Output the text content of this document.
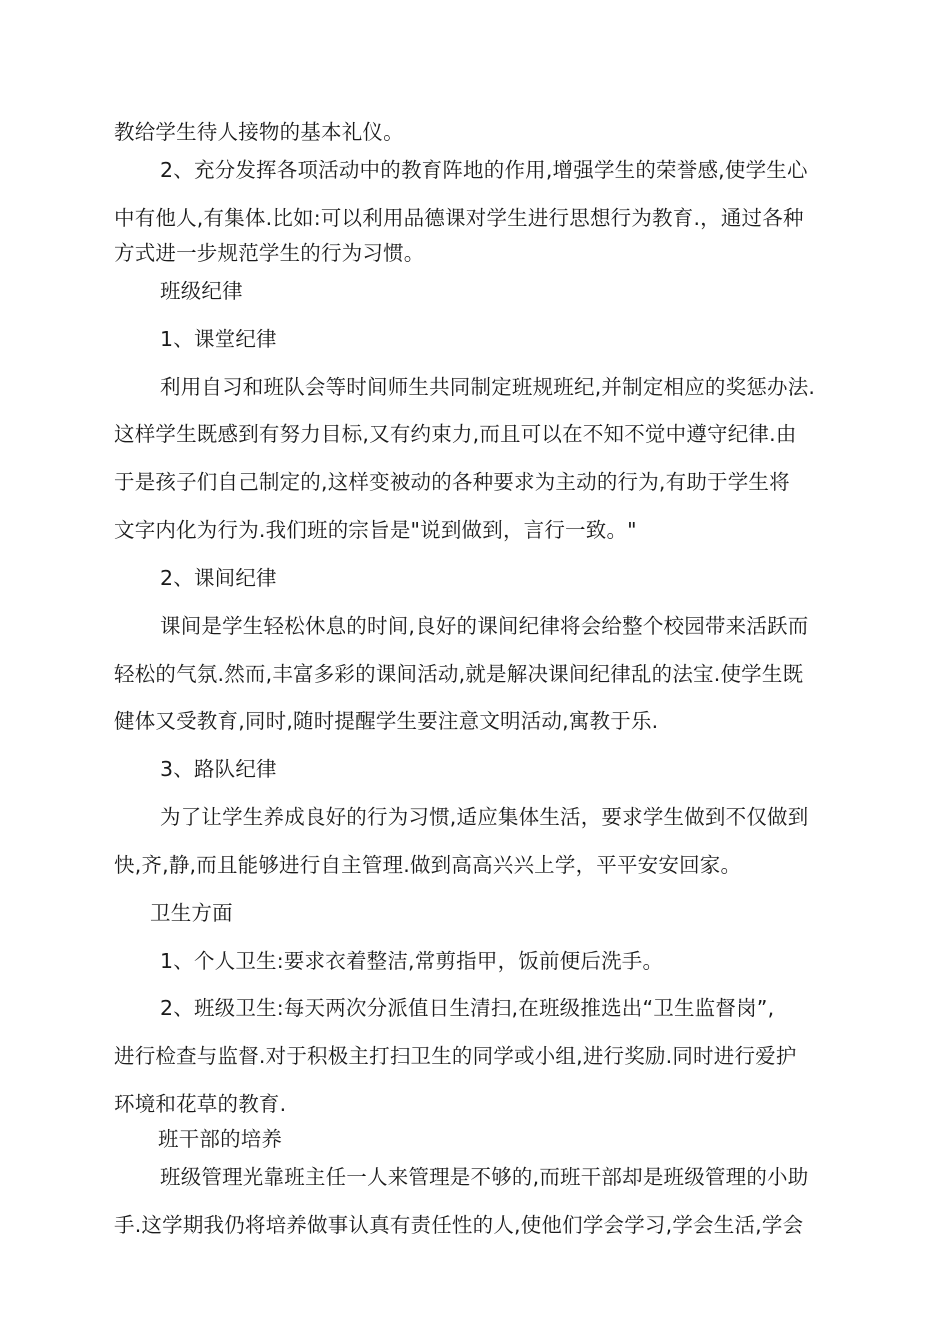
教给学生待人接物的基本礼仪。

2、充分发挥各项活动中的教育阵地的作用,增强学生的荣誉感,使学生心

中有他人,有集体.比如:可以利用品德课对学生进行思想行为教育.，通过各种

方式进一步规范学生的行为习惯。

班级纪律

1、课堂纪律

利用自习和班队会等时间师生共同制定班规班纪,并制定相应的奖惩办法.

这样学生既感到有努力目标,又有约束力,而且可以在不知不觉中遵守纪律.由

于是孩子们自己制定的,这样变被动的各种要求为主动的行为,有助于学生将

文字内化为行为.我们班的宗旨是"说到做到，言行一致。"

2、课间纪律

课间是学生轻松休息的时间,良好的课间纪律将会给整个校园带来活跃而

轻松的气氛.然而,丰富多彩的课间活动,就是解决课间纪律乱的法宝.使学生既

健体又受教育,同时,随时提醒学生要注意文明活动,寓教于乐.

3、路队纪律

为了让学生养成良好的行为习惯,适应集体生活，要求学生做到不仅做到

快,齐,静,而且能够进行自主管理.做到高高兴兴上学，平平安安回家。

卫生方面

1、个人卫生:要求衣着整洁,常剪指甲，饭前便后洗手。

2、班级卫生:每天两次分派值日生清扫,在班级推选出“卫生监督岗”,

进行检查与监督.对于积极主打扫卫生的同学或小组,进行奖励.同时进行爱护

环境和花草的教育.

班干部的培养

班级管理光靠班主任一人来管理是不够的,而班干部却是班级管理的小助

手.这学期我仍将培养做事认真有责任性的人,使他们学会学习,学会生活,学会
